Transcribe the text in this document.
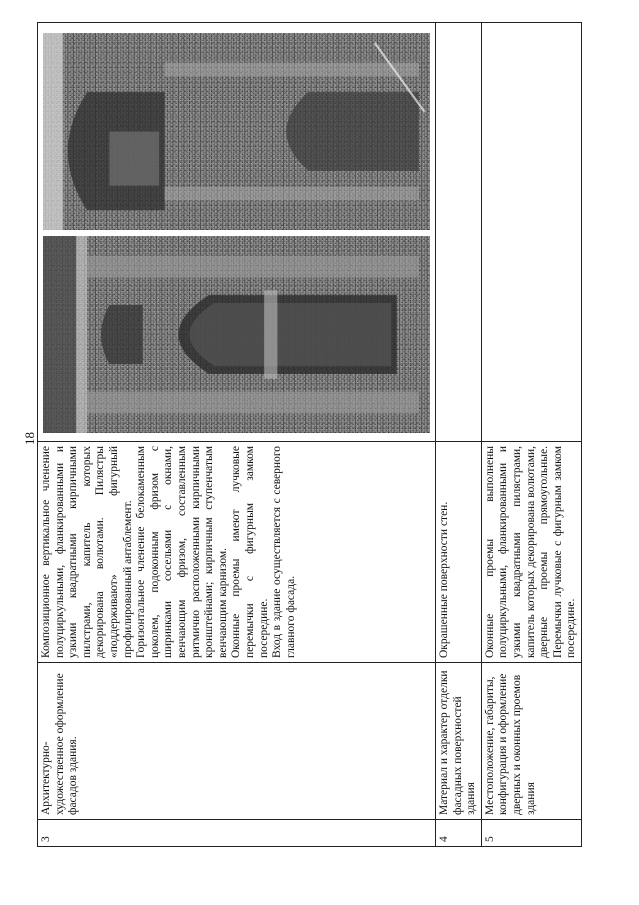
18
3	Архитектурно-художественное оформление фасадов здания.	Композиционное вертикальное членение полуциркульными, фланкированными и узкими квадратными кирпичными пилстрами, капитель которых декорирована волютами. Пилястры «поддерживают» фигурный профилированный антаблемент. Горизонтальное членение белокаменным цоколем, подоконным фризом с ширинками сосельями с окнами, венчающим фризом, составленным ритмично расположенными кирпичными кронштейнами; кирпичным ступенчатым венчающим карнизом. Оконные проемы имеют лучковые перемычки с фигурным замком посередине. Вход в здание осуществляется с северного главного фасада.

4	Материал и характер отделки фасадных поверхностей здания	Окрашенные поверхности стен.	

5	Местоположение, габариты, конфигурация и оформление дверных и оконных проемов здания	Оконные проемы выполнены полуциркульными, фланкированными и узкими квадратными пилястрами, капитель которых декорирована волютами, дверные проемы прямоугольные. Перемычки лучковые с фигурным замком посередине.	
